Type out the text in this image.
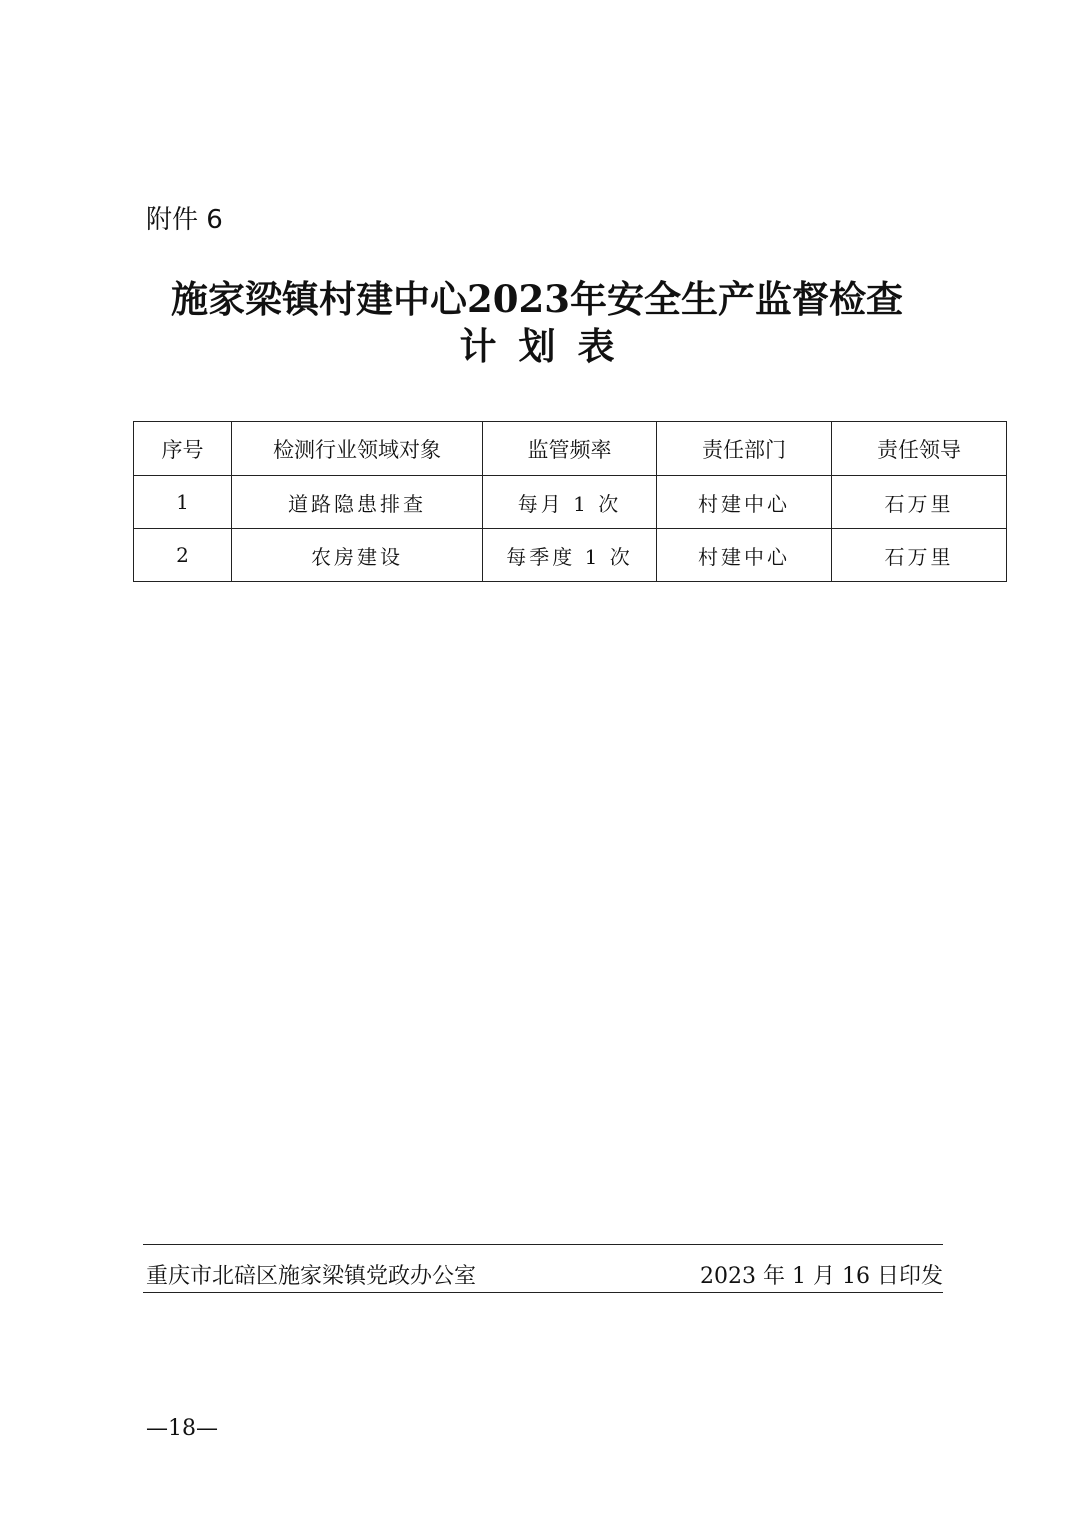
附件 6
施家梁镇村建中心2023年安全生产监督检查
计划表
序号	检测行业领域对象	监管频率	责任部门	责任领导
1	道路隐患排查	每月 1 次	村建中心	石万里
2	农房建设	每季度 1 次	村建中心	石万里
重庆市北碚区施家梁镇党政办公室	2023 年 1 月 16 日印发
—18—
